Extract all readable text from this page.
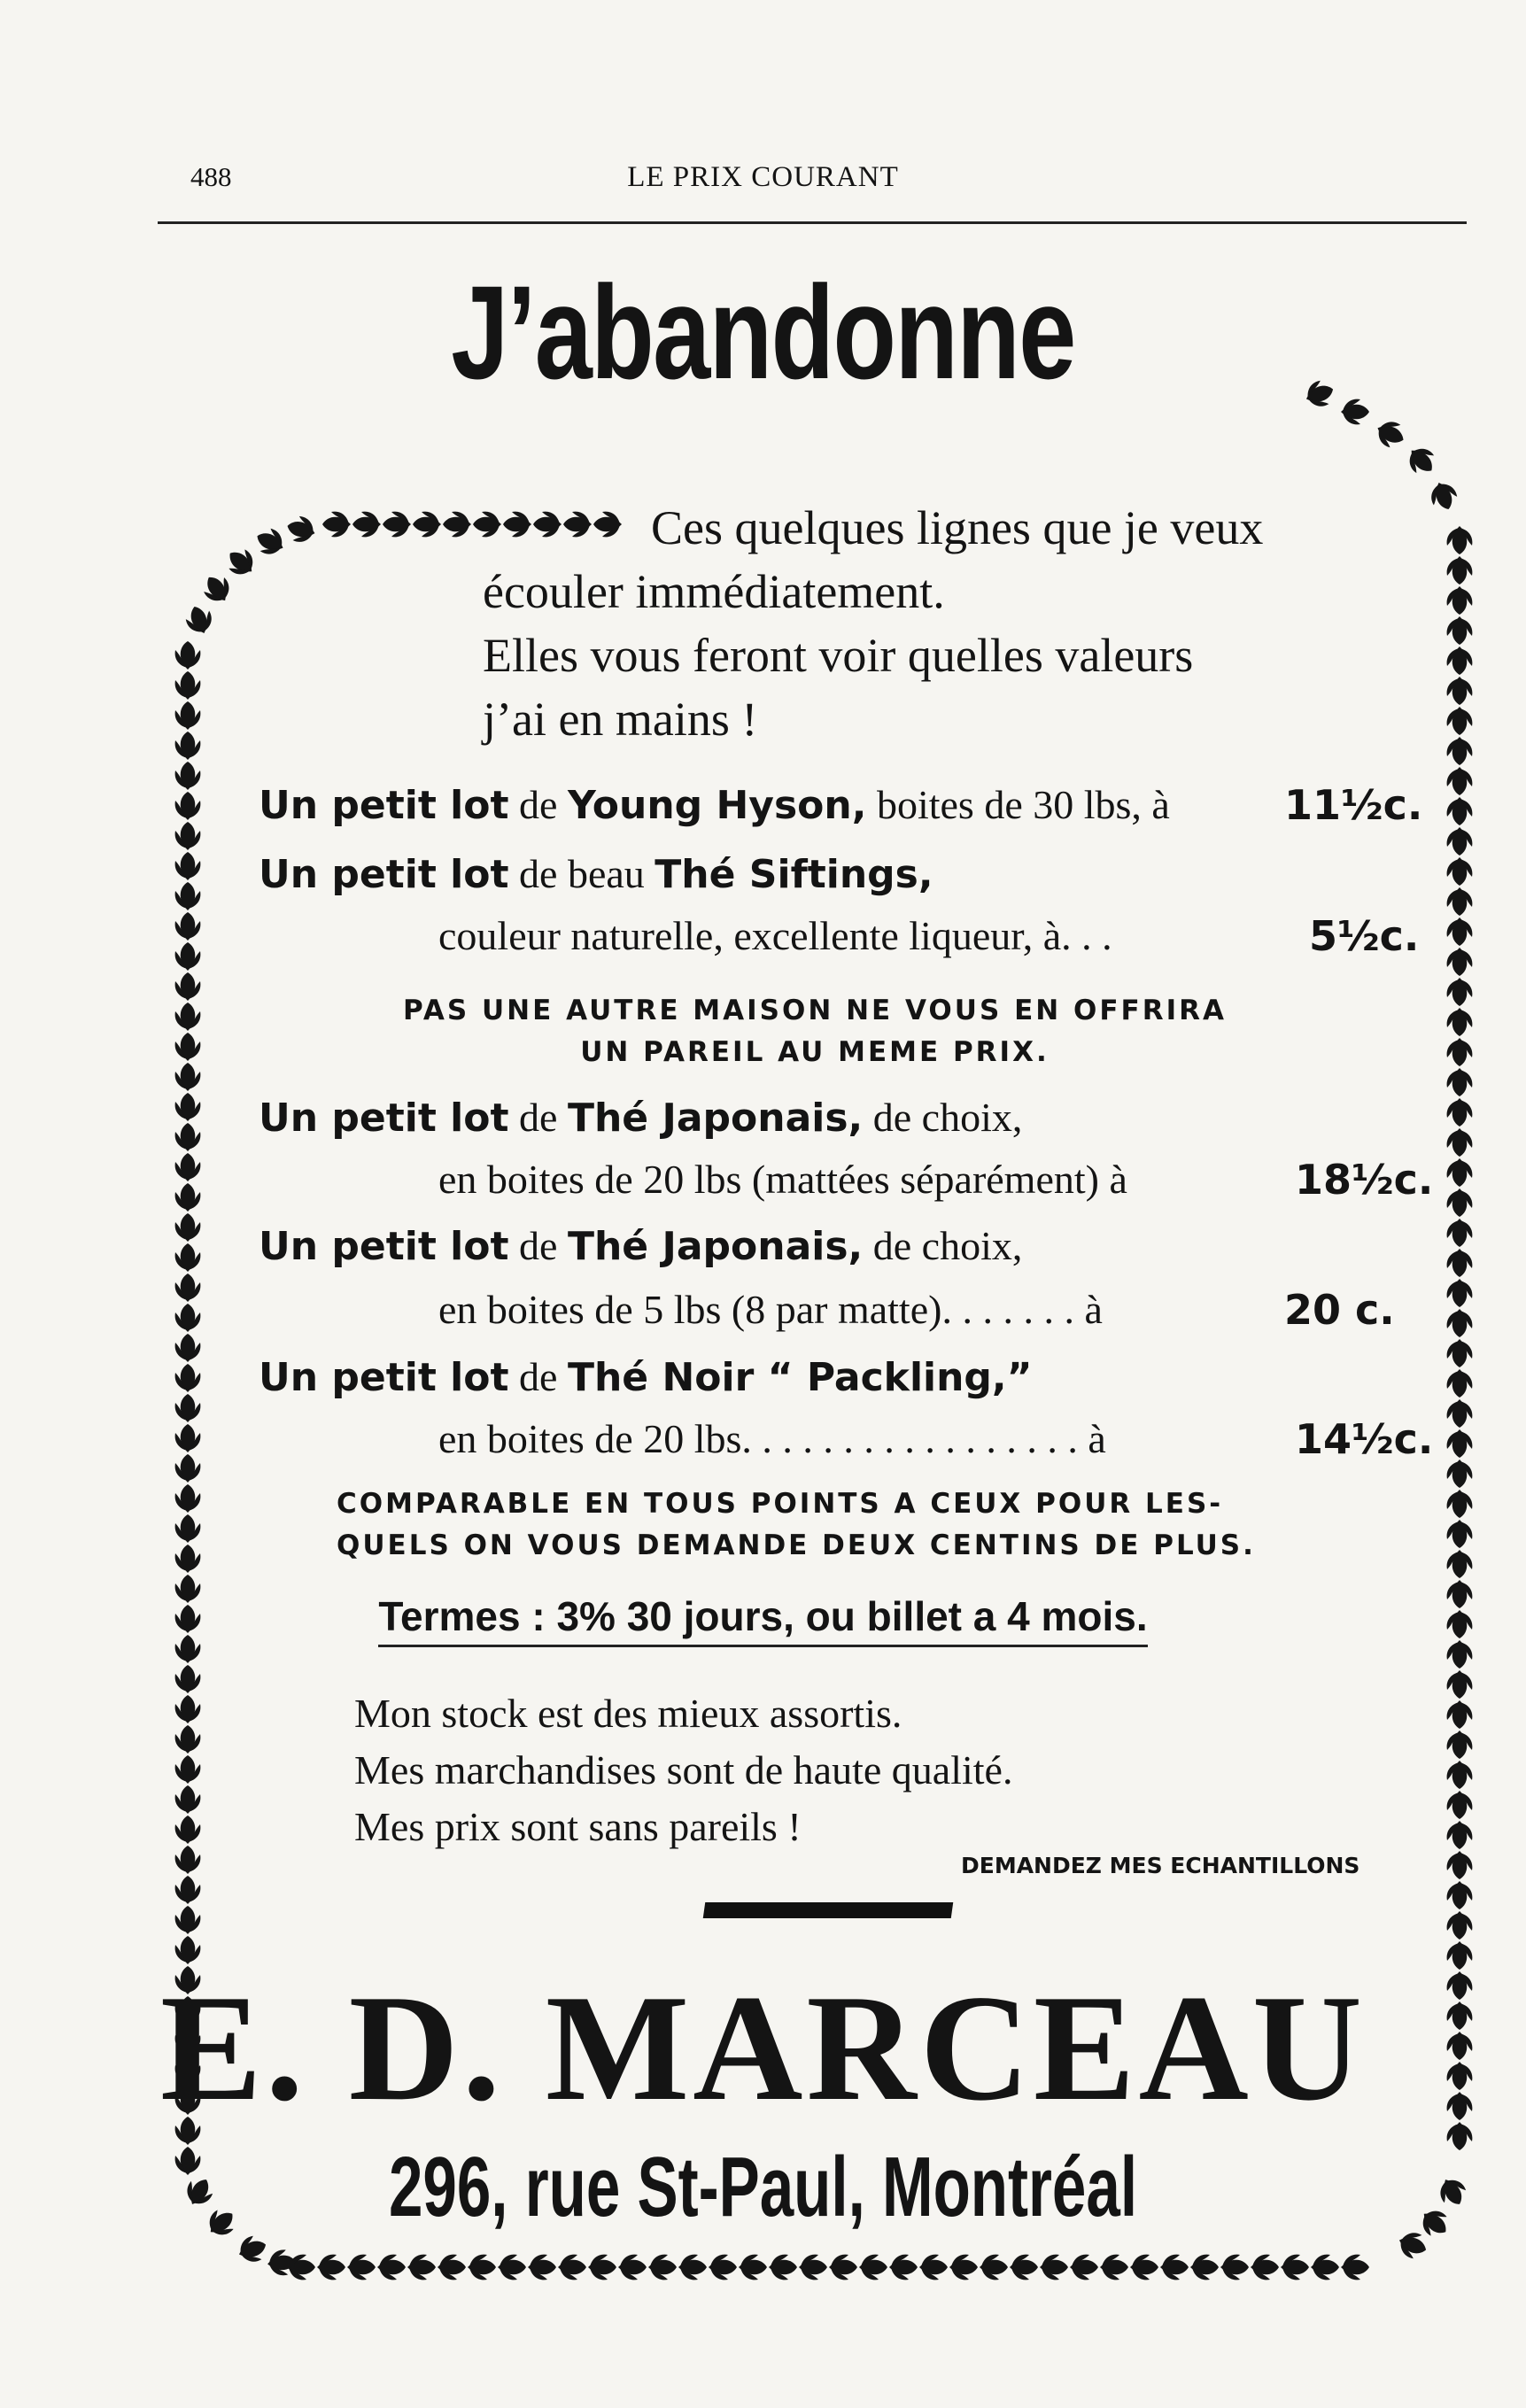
488	LE PRIX COURANT
J’abandonne
Ces quelques lignes que je veux
écouler immédiatement.
Elles vous feront voir quelles valeurs
j’ai en mains !
Un petit lot de Young Hyson, boites de 30 lbs, à	11½c.
Un petit lot de beau Thé Siftings,
couleur naturelle, excellente liqueur, à. . .	5½c.
PAS UNE AUTRE MAISON NE VOUS EN OFFRIRA
UN PAREIL AU MEME PRIX.
Un petit lot de Thé Japonais, de choix,
en boites de 20 lbs (mattées séparément) à	18½c.
Un petit lot de Thé Japonais, de choix,
en boites de 5 lbs (8 par matte). . . . . . . à	20 c.
Un petit lot de Thé Noir “ Packling,”
en boites de 20 lbs. . . . . . . . . . . . . . . . . à	14½c.
COMPARABLE EN TOUS POINTS A CEUX POUR LES-
QUELS ON VOUS DEMANDE DEUX CENTINS DE PLUS.
Termes : 3% 30 jours, ou billet a 4 mois.
Mon stock est des mieux assortis.
Mes marchandises sont de haute qualité.
Mes prix sont sans pareils !
DEMANDEZ MES ECHANTILLONS
E. D. MARCEAU
296, rue St-Paul, Montréal
